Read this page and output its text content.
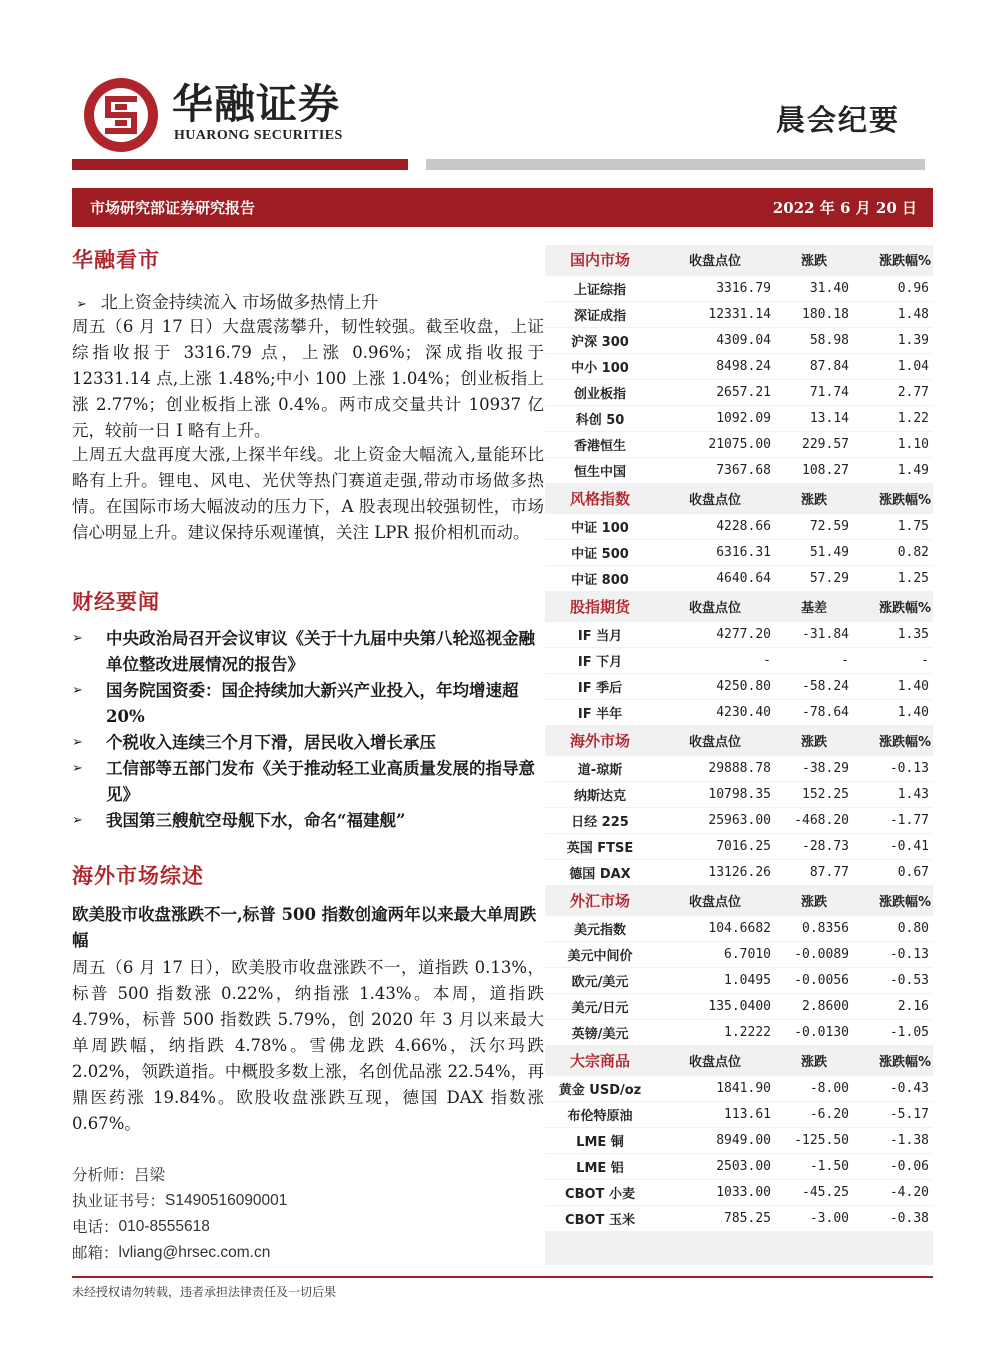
华融证券
HUARONG SECURITIES	晨会纪要
市场研究部证券研究报告	2022 年 6 月 20 日
华融看市
➢ 北上资金持续流入 市场做多热情上升
周五（6 月 17 日）大盘震荡攀升，韧性较强。截至收盘，上证综指收报于 3316.79 点，上涨 0.96%；深成指收报于 12331.14 点,上涨 1.48%;中小 100 上涨 1.04%；创业板指上涨 2.77%；创业板指上涨 0.4%。两市成交量共计 10937 亿元，较前一日 I 略有上升。
上周五大盘再度大涨,上探半年线。北上资金大幅流入,量能环比略有上升。锂电、风电、光伏等热门赛道走强,带动市场做多热情。在国际市场大幅波动的压力下，A 股表现出较强韧性，市场信心明显上升。建议保持乐观谨慎，关注 LPR 报价相机而动。
财经要闻
➢	中央政治局召开会议审议《关于十九届中央第八轮巡视金融单位整改进展情况的报告》
➢	国务院国资委：国企持续加大新兴产业投入，年均增速超 20%
➢	个税收入连续三个月下滑，居民收入增长承压
➢	工信部等五部门发布《关于推动轻工业高质量发展的指导意见》
➢	我国第三艘航空母舰下水，命名“福建舰”
海外市场综述
欧美股市收盘涨跌不一,标普 500 指数创逾两年以来最大单周跌幅
周五（6 月 17 日），欧美股市收盘涨跌不一，道指跌 0.13%，标普 500 指数涨 0.22%，纳指涨 1.43%。本周，道指跌 4.79%，标普 500 指数跌 5.79%，创 2020 年 3 月以来最大单周跌幅，纳指跌 4.78%。雪佛龙跌 4.66%，沃尔玛跌 2.02%，领跌道指。中概股多数上涨，名创优品涨 22.54%，再鼎医药涨 19.84%。欧股收盘涨跌互现，德国 DAX 指数涨 0.67%。
分析师： 吕梁
执业证书号： S1490516090001
电话： 010-8555618
邮箱： lvliang@hrsec.com.cn
国内市场	收盘点位	涨跌	涨跌幅%
上证综指	3316.79	31.40	0.96
深证成指	12331.14	180.18	1.48
沪深 300	4309.04	58.98	1.39
中小 100	8498.24	87.84	1.04
创业板指	2657.21	71.74	2.77
科创 50	1092.09	13.14	1.22
香港恒生	21075.00	229.57	1.10
恒生中国	7367.68	108.27	1.49
风格指数	收盘点位	涨跌	涨跌幅%
中证 100	4228.66	72.59	1.75
中证 500	6316.31	51.49	0.82
中证 800	4640.64	57.29	1.25
股指期货	收盘点位	基差	涨跌幅%
IF 当月	4277.20	-31.84	1.35
IF 下月	-	-	-
IF 季后	4250.80	-58.24	1.40
IF 半年	4230.40	-78.64	1.40
海外市场	收盘点位	涨跌	涨跌幅%
道-琼斯	29888.78	-38.29	-0.13
纳斯达克	10798.35	152.25	1.43
日经 225	25963.00	-468.20	-1.77
英国 FTSE	7016.25	-28.73	-0.41
德国 DAX	13126.26	87.77	0.67
外汇市场	收盘点位	涨跌	涨跌幅%
美元指数	104.6682	0.8356	0.80
美元中间价	6.7010	-0.0089	-0.13
欧元/美元	1.0495	-0.0056	-0.53
美元/日元	135.0400	2.8600	2.16
英镑/美元	1.2222	-0.0130	-1.05
大宗商品	收盘点位	涨跌	涨跌幅%
黄金 USD/oz	1841.90	-8.00	-0.43
布伦特原油	113.61	-6.20	-5.17
LME 铜	8949.00	-125.50	-1.38
LME 铝	2503.00	-1.50	-0.06
CBOT 小麦	1033.00	-45.25	-4.20
CBOT 玉米	785.25	-3.00	-0.38
未经授权请勿转载，违者承担法律责任及一切后果
